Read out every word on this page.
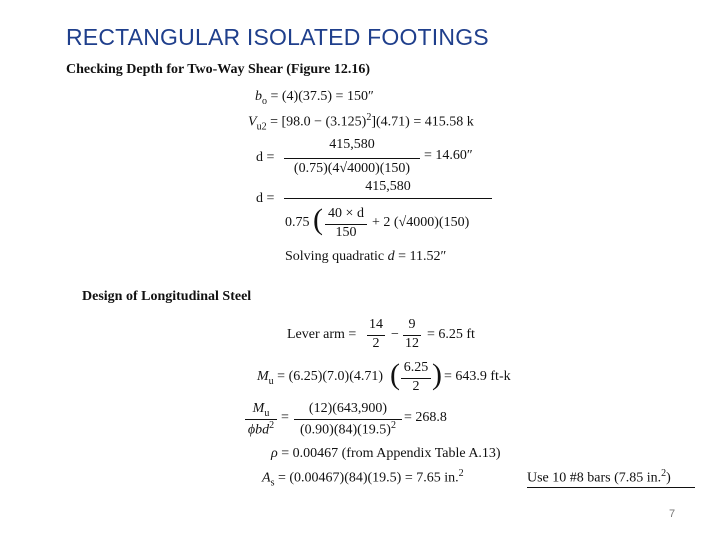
RECTANGULAR ISOLATED FOOTINGS
Checking Depth for Two-Way Shear (Figure 12.16)
$b_o = (4)(37.5) = 150''$
$V_{u2} = [98.0 - (3.125)^2](4.71) = 415.58$ k
d =
415,580
(0.75)(4√4000)(150)
= 14.60″
d =
415,580
0.75 ( 40 × d
150
+ 2 (√4000)(150)
Solving quadratic d = 11.52″
Design of Longitudinal Steel
Lever arm =
14
2
−
9
12
= 6.25 ft
$M_u = (6.25)(7.0)(4.71)$ ( 6.25
2 ) = 643.9 ft-k
$M_u$
ϕbd$^2$
=
(12)(643,900)
$(0.90)(84)(19.5)^2$
= 268.8
ρ = 0.00467 (from Appendix Table A.13)
$A_s = (0.00467)(84)(19.5) = 7.65$ in.$^2$	Use 10 #8 bars (7.85 in.$^2$)
7
